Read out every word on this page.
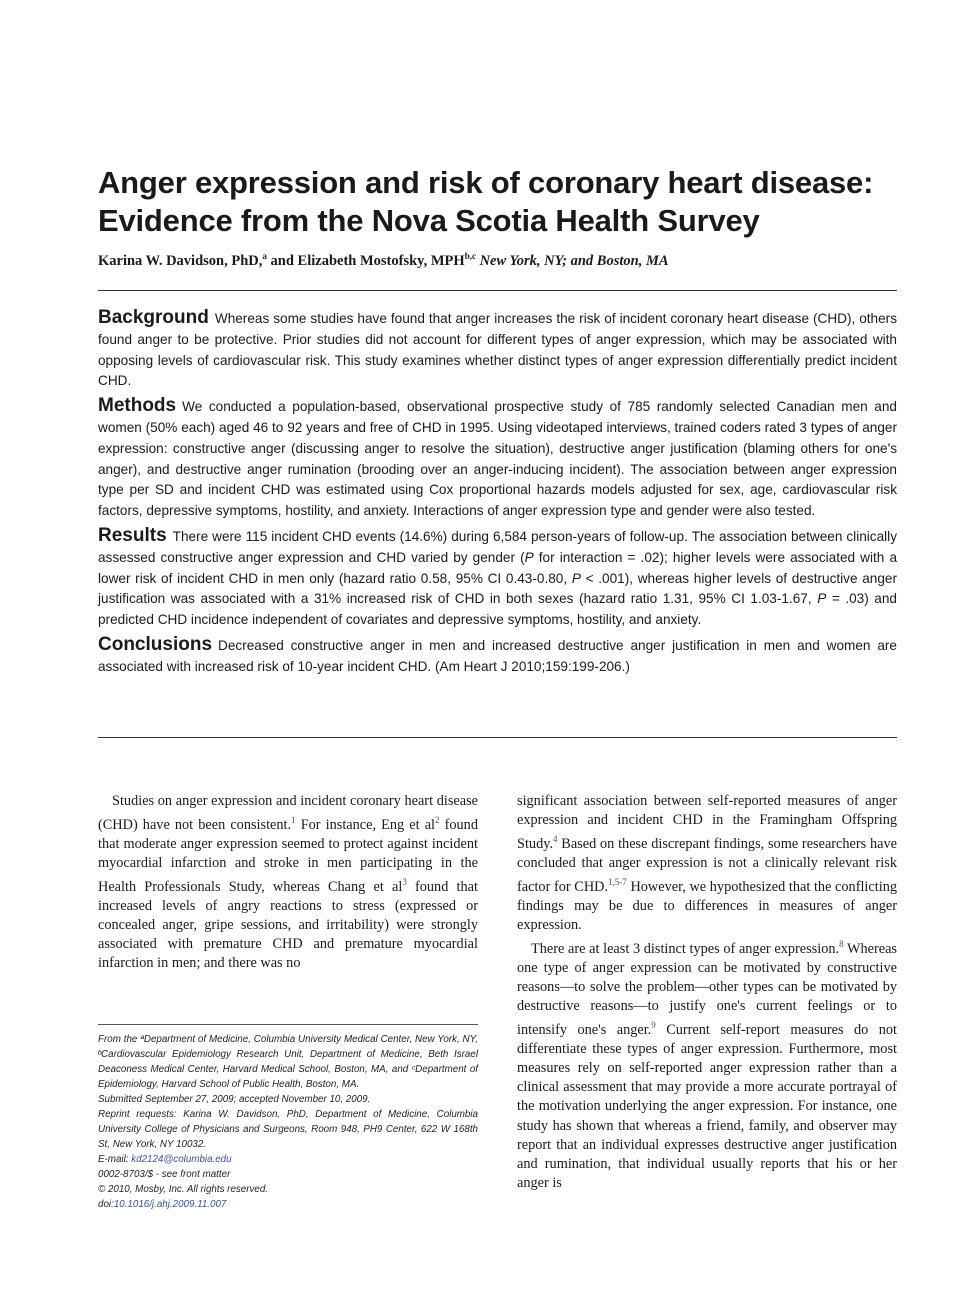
Anger expression and risk of coronary heart disease: Evidence from the Nova Scotia Health Survey
Karina W. Davidson, PhD,$^a$ and Elizabeth Mostofsky, MPH$^{b,c}$ New York, NY; and Boston, MA

Background Whereas some studies have found that anger increases the risk of incident coronary heart disease (CHD), others found anger to be protective. Prior studies did not account for different types of anger expression, which may be associated with opposing levels of cardiovascular risk. This study examines whether distinct types of anger expression differentially predict incident CHD.

Methods We conducted a population-based, observational prospective study of 785 randomly selected Canadian men and women (50% each) aged 46 to 92 years and free of CHD in 1995. Using videotaped interviews, trained coders rated 3 types of anger expression: constructive anger (discussing anger to resolve the situation), destructive anger justification (blaming others for one's anger), and destructive anger rumination (brooding over an anger-inducing incident). The association between anger expression type per SD and incident CHD was estimated using Cox proportional hazards models adjusted for sex, age, cardiovascular risk factors, depressive symptoms, hostility, and anxiety. Interactions of anger expression type and gender were also tested.

Results There were 115 incident CHD events (14.6%) during 6,584 person-years of follow-up. The association between clinically assessed constructive anger expression and CHD varied by gender (P for interaction = .02); higher levels were associated with a lower risk of incident CHD in men only (hazard ratio 0.58, 95% CI 0.43-0.80, P < .001), whereas higher levels of destructive anger justification was associated with a 31% increased risk of CHD in both sexes (hazard ratio 1.31, 95% CI 1.03-1.67, P = .03) and predicted CHD incidence independent of covariates and depressive symptoms, hostility, and anxiety.

Conclusions Decreased constructive anger in men and increased destructive anger justification in men and women are associated with increased risk of 10-year incident CHD. (Am Heart J 2010;159:199-206.)

Studies on anger expression and incident coronary heart disease (CHD) have not been consistent.$^1$ For instance, Eng et al$^2$ found that moderate anger expression seemed to protect against incident myocardial infarction and stroke in men participating in the Health Professionals Study, whereas Chang et al$^3$ found that increased levels of angry reactions to stress (expressed or concealed anger, gripe sessions, and irritability) were strongly associated with premature CHD and premature myocardial infarction in men; and there was no

From the ªDepartment of Medicine, Columbia University Medical Center, New York, NY, ᵇCardiovascular Epidemiology Research Unit, Department of Medicine, Beth Israel Deaconess Medical Center, Harvard Medical School, Boston, MA, and ᶜDepartment of Epidemiology, Harvard School of Public Health, Boston, MA.

Submitted September 27, 2009; accepted November 10, 2009.

Reprint requests: Karina W. Davidson, PhD, Department of Medicine, Columbia University College of Physicians and Surgeons, Room 948, PH9 Center, 622 W 168th St, New York, NY 10032.

E-mail: kd2124@columbia.edu

0002-8703/$ - see front matter

© 2010, Mosby, Inc. All rights reserved.

doi:10.1016/j.ahj.2009.11.007

significant association between self-reported measures of anger expression and incident CHD in the Framingham Offspring Study.$^4$ Based on these discrepant findings, some researchers have concluded that anger expression is not a clinically relevant risk factor for CHD.$^{1,5-7}$ However, we hypothesized that the conflicting findings may be due to differences in measures of anger expression.

There are at least 3 distinct types of anger expression.$^8$ Whereas one type of anger expression can be motivated by constructive reasons—to solve the problem—other types can be motivated by destructive reasons—to justify one's current feelings or to intensify one's anger.$^9$ Current self-report measures do not differentiate these types of anger expression. Furthermore, most measures rely on self-reported anger expression rather than a clinical assessment that may provide a more accurate portrayal of the motivation underlying the anger expression. For instance, one study has shown that whereas a friend, family, and observer may report that an individual expresses destructive anger justification and rumination, that individual usually reports that his or her anger is
